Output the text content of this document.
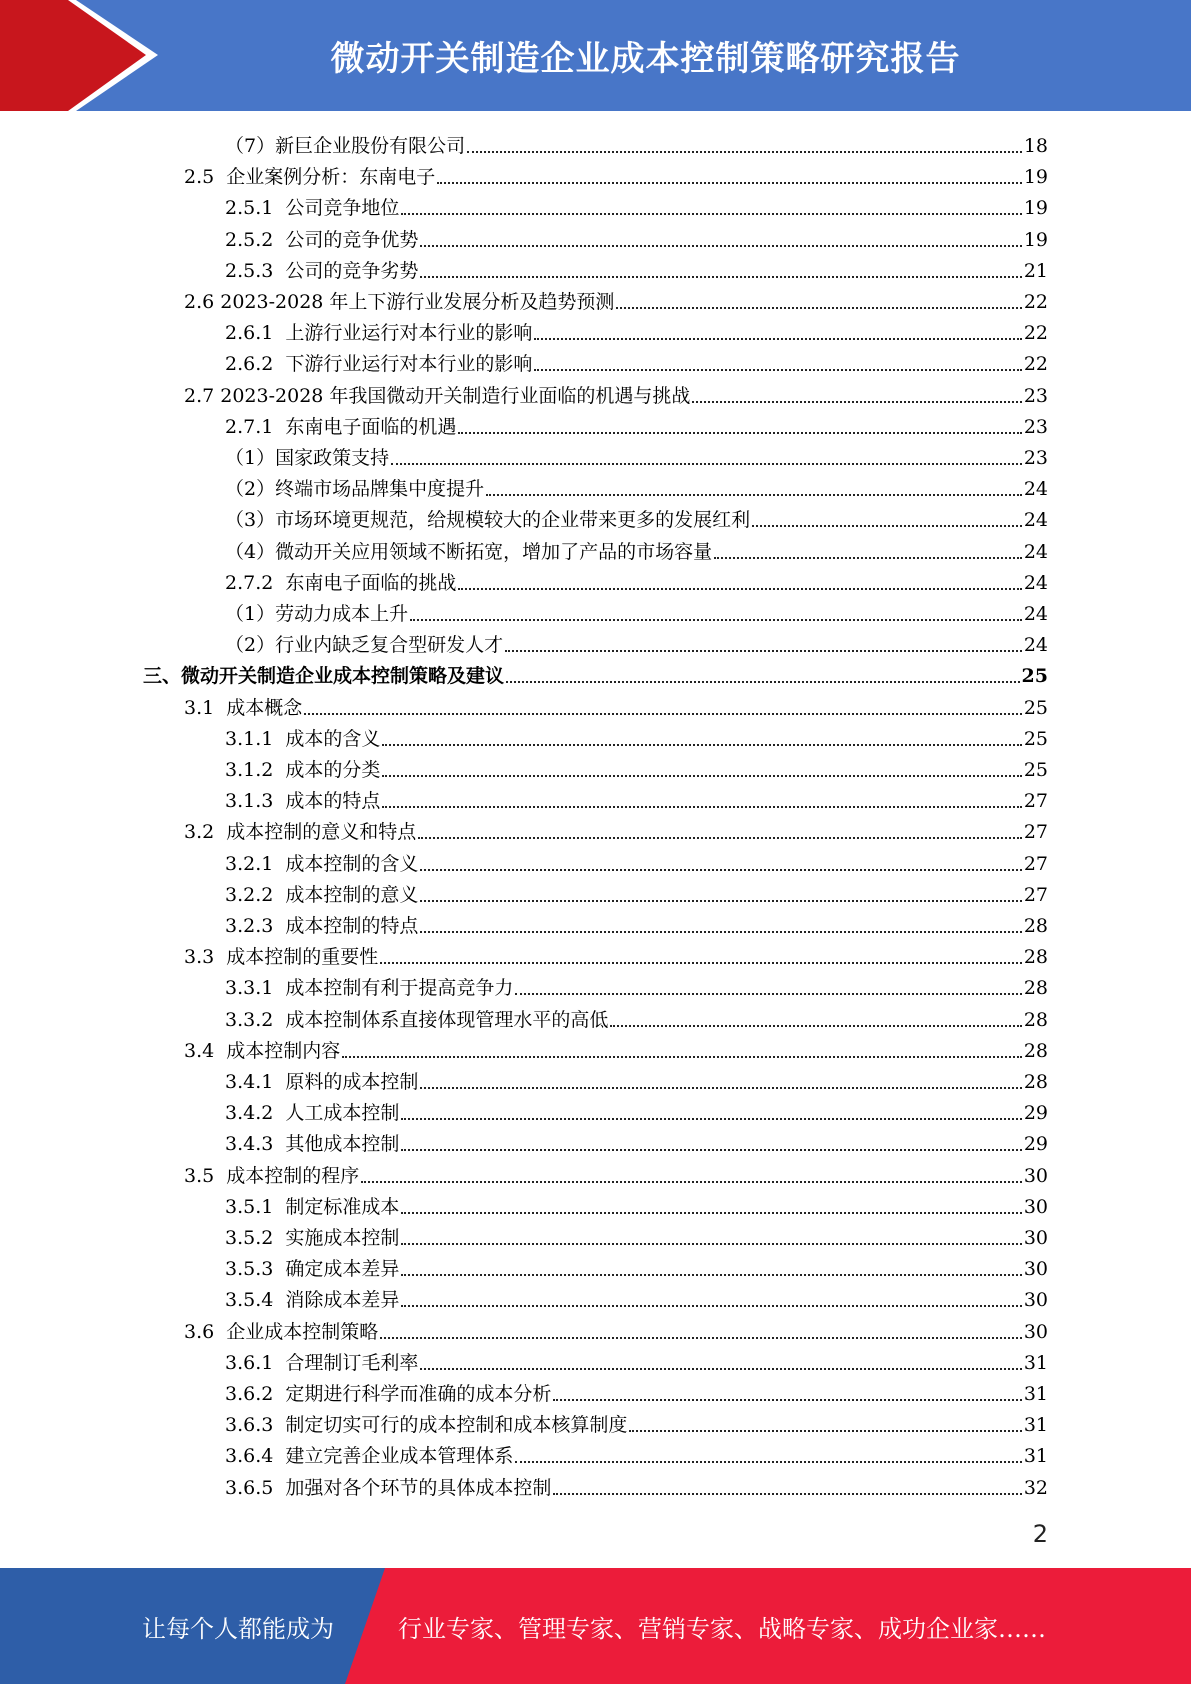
微动开关制造企业成本控制策略研究报告
（7）新巨企业股份有限公司	18
2.5 企业案例分析：东南电子	19
2.5.1 公司竞争地位	19
2.5.2 公司的竞争优势	19
2.5.3 公司的竞争劣势	21
2.6 2023-2028 年上下游行业发展分析及趋势预测	22
2.6.1 上游行业运行对本行业的影响	22
2.6.2 下游行业运行对本行业的影响	22
2.7 2023-2028 年我国微动开关制造行业面临的机遇与挑战	23
2.7.1 东南电子面临的机遇	23
（1）国家政策支持	23
（2）终端市场品牌集中度提升	24
（3）市场环境更规范，给规模较大的企业带来更多的发展红利	24
（4）微动开关应用领域不断拓宽，增加了产品的市场容量	24
2.7.2 东南电子面临的挑战	24
（1）劳动力成本上升	24
（2）行业内缺乏复合型研发人才	24
三、微动开关制造企业成本控制策略及建议	25
3.1 成本概念	25
3.1.1 成本的含义	25
3.1.2 成本的分类	25
3.1.3 成本的特点	27
3.2 成本控制的意义和特点	27
3.2.1 成本控制的含义	27
3.2.2 成本控制的意义	27
3.2.3 成本控制的特点	28
3.3 成本控制的重要性	28
3.3.1 成本控制有利于提高竞争力	28
3.3.2 成本控制体系直接体现管理水平的高低	28
3.4 成本控制内容	28
3.4.1 原料的成本控制	28
3.4.2 人工成本控制	29
3.4.3 其他成本控制	29
3.5 成本控制的程序	30
3.5.1 制定标准成本	30
3.5.2 实施成本控制	30
3.5.3 确定成本差异	30
3.5.4 消除成本差异	30
3.6 企业成本控制策略	30
3.6.1 合理制订毛利率	31
3.6.2 定期进行科学而准确的成本分析	31
3.6.3 制定切实可行的成本控制和成本核算制度	31
3.6.4 建立完善企业成本管理体系	31
3.6.5 加强对各个环节的具体成本控制	32
2
让每个人都能成为	行业专家、管理专家、营销专家、战略专家、成功企业家……
